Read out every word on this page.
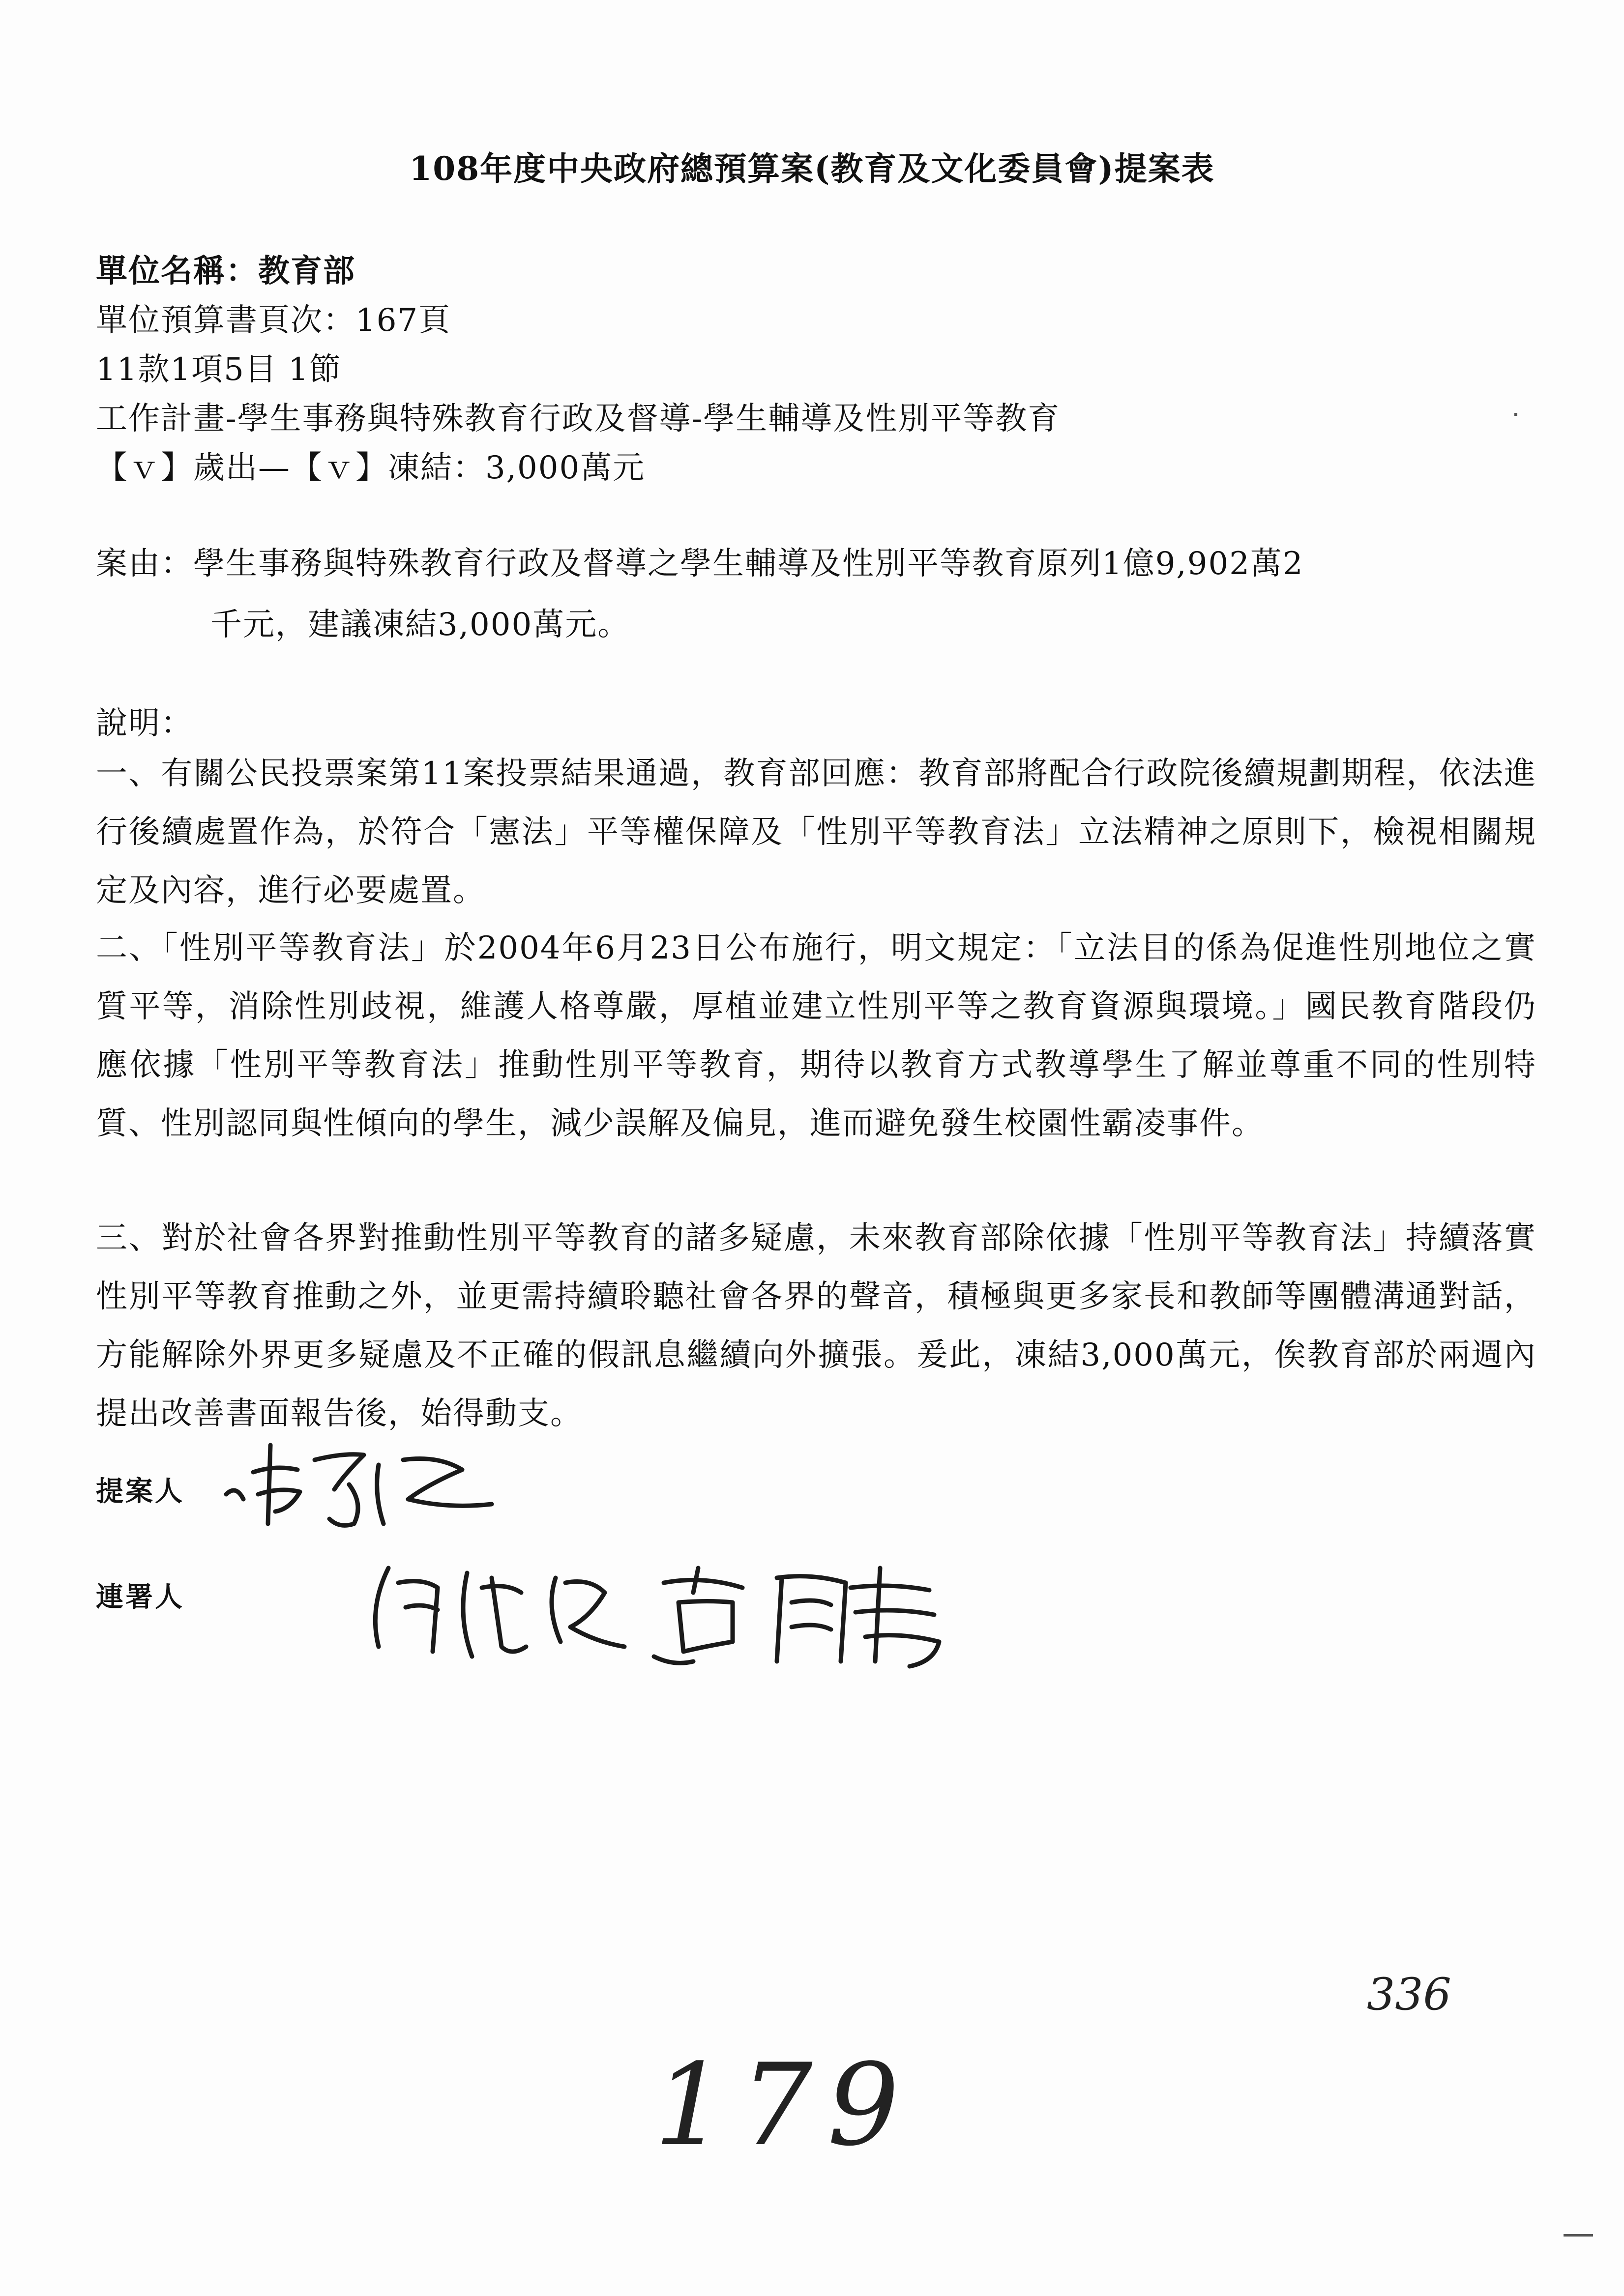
108年度中央政府總預算案(教育及文化委員會)提案表
單位名稱：教育部
單位預算書頁次：167頁
11款1項5目 1節
工作計畫-學生事務與特殊教育行政及督導-學生輔導及性別平等教育
【ｖ】歲出—【ｖ】凍結：3,000萬元
案由：學生事務與特殊教育行政及督導之學生輔導及性別平等教育原列1億9,902萬2
千元，建議凍結3,000萬元。
說明：
一、有關公民投票案第11案投票結果通過，教育部回應：教育部將配合行政院後續規劃期程，依法進行後續處置作為，於符合「憲法」平等權保障及「性別平等教育法」立法精神之原則下，檢視相關規定及內容，進行必要處置。
二、「性別平等教育法」於2004年6月23日公布施行，明文規定：「立法目的係為促進性別地位之實質平等，消除性別歧視，維護人格尊嚴，厚植並建立性別平等之教育資源與環境。」國民教育階段仍應依據「性別平等教育法」推動性別平等教育，期待以教育方式教導學生了解並尊重不同的性別特質、性別認同與性傾向的學生，減少誤解及偏見，進而避免發生校園性霸凌事件。
三、對於社會各界對推動性別平等教育的諸多疑慮，未來教育部除依據「性別平等教育法」持續落實性別平等教育推動之外，並更需持續聆聽社會各界的聲音，積極與更多家長和教師等團體溝通對話，方能解除外界更多疑慮及不正確的假訊息繼續向外擴張。爰此，凍結3,000萬元，俟教育部於兩週內提出改善書面報告後，始得動支。
提案人
連署人
179
336
